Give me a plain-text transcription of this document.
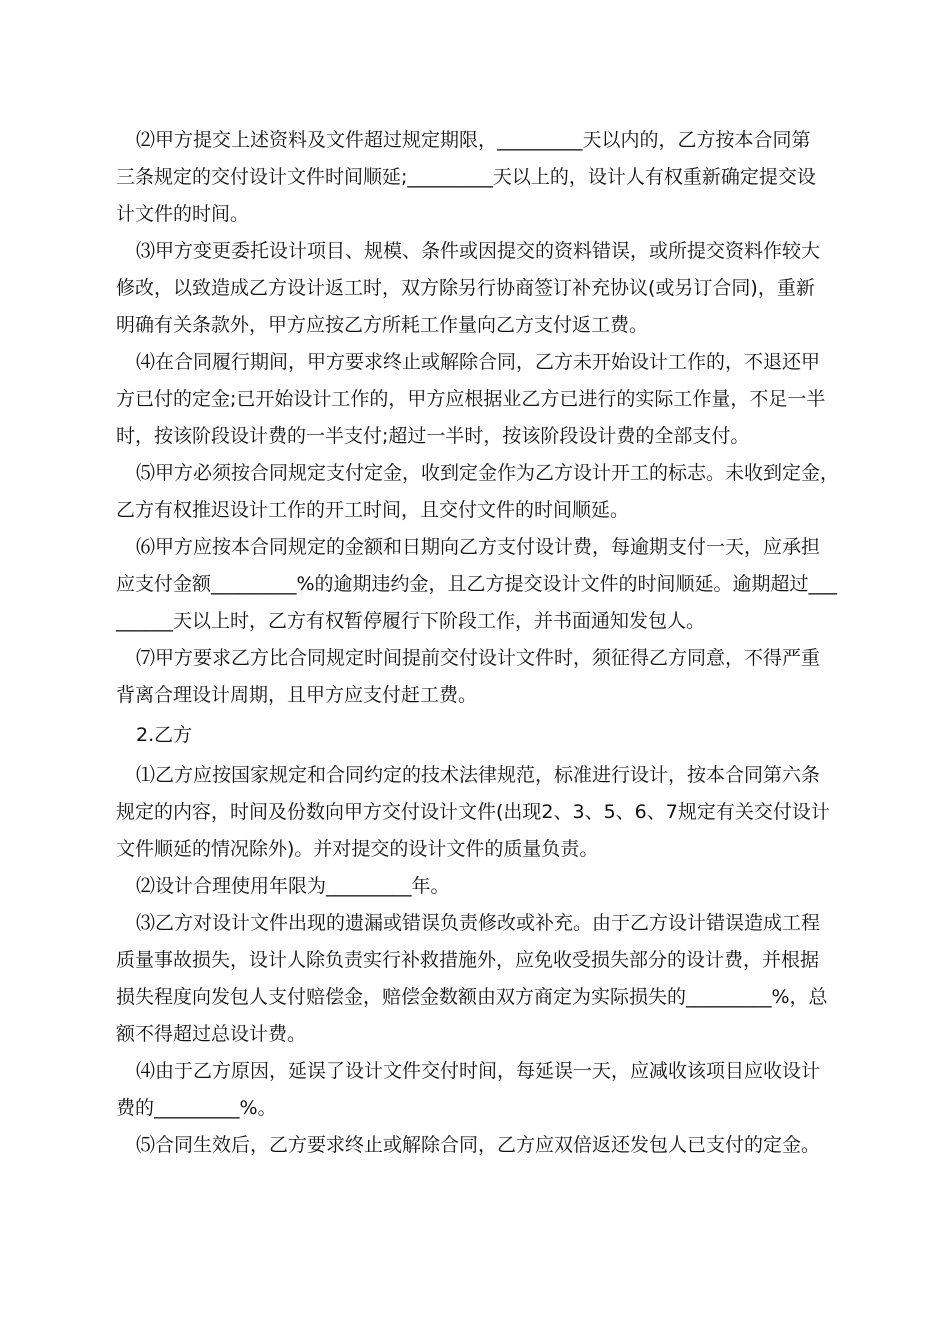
⑵甲方提交上述资料及文件超过规定期限，_________天以内的，乙方按本合同第
三条规定的交付设计文件时间顺延;_________天以上的，设计人有权重新确定提交设
计文件的时间。
⑶甲方变更委托设计项目、规模、条件或因提交的资料错误，或所提交资料作较大
修改，以致造成乙方设计返工时，双方除另行协商签订补充协议(或另订合同)，重新
明确有关条款外，甲方应按乙方所耗工作量向乙方支付返工费。
⑷在合同履行期间，甲方要求终止或解除合同，乙方未开始设计工作的，不退还甲
方已付的定金;已开始设计工作的，甲方应根据业乙方已进行的实际工作量，不足一半
时，按该阶段设计费的一半支付;超过一半时，按该阶段设计费的全部支付。
⑸甲方必须按合同规定支付定金，收到定金作为乙方设计开工的标志。未收到定金，
乙方有权推迟设计工作的开工时间，且交付文件的时间顺延。
⑹甲方应按本合同规定的金额和日期向乙方支付设计费，每逾期支付一天，应承担
应支付金额_________%的逾期违约金，且乙方提交设计文件的时间顺延。逾期超过___
______天以上时，乙方有权暂停履行下阶段工作，并书面通知发包人。
⑺甲方要求乙方比合同规定时间提前交付设计文件时，须征得乙方同意，不得严重
背离合理设计周期，且甲方应支付赶工费。
2.乙方
⑴乙方应按国家规定和合同约定的技术法律规范，标准进行设计，按本合同第六条
规定的内容，时间及份数向甲方交付设计文件(出现2、3、5、6、7规定有关交付设计
文件顺延的情况除外)。并对提交的设计文件的质量负责。
⑵设计合理使用年限为_________年。
⑶乙方对设计文件出现的遗漏或错误负责修改或补充。由于乙方设计错误造成工程
质量事故损失，设计人除负责实行补救措施外，应免收受损失部分的设计费，并根据
损失程度向发包人支付赔偿金，赔偿金数额由双方商定为实际损失的_________%，总
额不得超过总设计费。
⑷由于乙方原因，延误了设计文件交付时间，每延误一天，应减收该项目应收设计
费的_________%。
⑸合同生效后，乙方要求终止或解除合同，乙方应双倍返还发包人已支付的定金。
